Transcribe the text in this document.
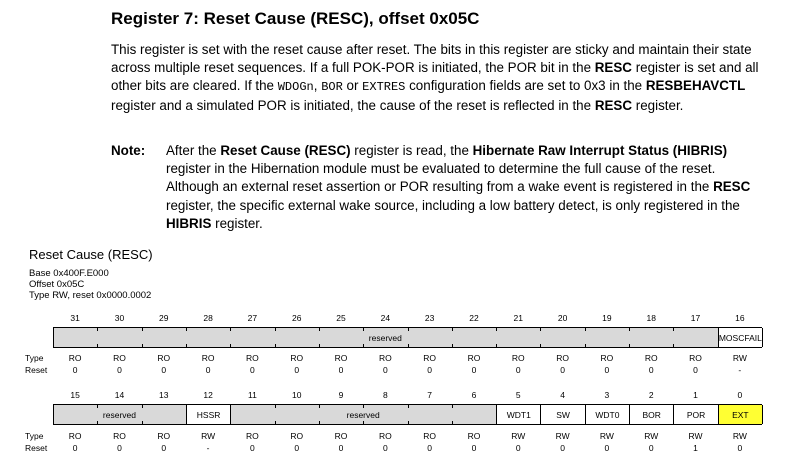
Register 7: Reset Cause (RESC), offset 0x05C
This register is set with the reset cause after reset. The bits in this register are sticky and maintain their state across multiple reset sequences. If a full POK-POR is initiated, the POR bit in the RESC register is set and all other bits are cleared. If the WDOGn, BOR or EXTRES configuration fields are set to 0x3 in the RESBEHAVCTL register and a simulated POR is initiated, the cause of the reset is reflected in the RESC register.
Note: After the Reset Cause (RESC) register is read, the Hibernate Raw Interrupt Status (HIBRIS) register in the Hibernation module must be evaluated to determine the full cause of the reset. Although an external reset assertion or POR resulting from a wake event is registered in the RESC register, the specific external wake source, including a low battery detect, is only registered in the HIBRIS register.
Reset Cause (RESC)
Base 0x400F.E000
Offset 0x05C
Type RW, reset 0x0000.0002
31	30	29	28	27	26	25	24	23	22	21	20	19	18	17	16
reserved	MOSCFAIL
Type	RO	RO	RO	RO	RO	RO	RO	RO	RO	RO	RO	RO	RO	RO	RO	RW
Reset	0	0	0	0	0	0	0	0	0	0	0	0	0	0	0	-
15	14	13	12	11	10	9	8	7	6	5	4	3	2	1	0
reserved	HSSR	reserved	WDT1	SW	WDT0	BOR	POR	EXT
Type	RO	RO	RO	RW	RO	RO	RO	RO	RO	RO	RW	RW	RW	RW	RW	RW
Reset	0	0	0	-	0	0	0	0	0	0	0	0	0	0	1	0
